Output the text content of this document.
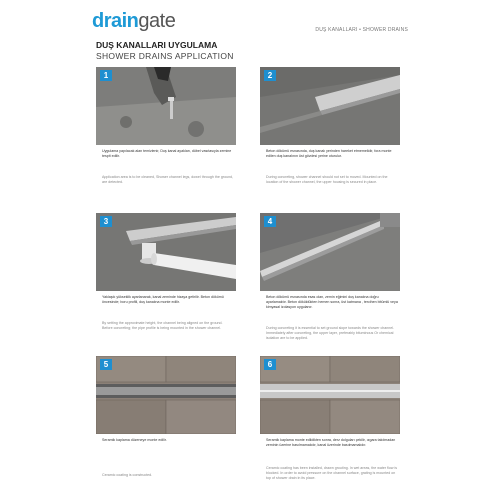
draingate	DUŞ KANALLARI • SHOWER DRAINS
DUŞ KANALLARI UYGULAMA
SHOWER DRAINS APPLICATION
1
Uygulama yapılacak alan temizlenir, Duş kanal ayakları, dübel vasıtasıyla zemine tespit edilir.
Application area is to be cleaned, Shower channel legs, dowel through the ground, are detected.
2
Beton dökümü esnasında, duş kanalı yerinden hareket etmemelidir, fora monte edilen duş kanalının üst gövdesi yerine oturulur.
During concreting, shower channel should not set to moved. Mounted on the location of the shower channel, the upper housing is secured in place.
3
Yaklaşık yükseklik ayarlanarak, kanal zeminde hizaya getirilir. Beton dökümü öncesinde; boru profili, duş kanalına monte edilir.
By setting the approximate height, the channel being aligned on the ground. Before concreting; the pipe profile is being mounted in the shower channel.
4
Beton dökümü esnasında esas olan, zemin eğimini duş kanalına doğru ayarlamaktır. Beton döküldükten hemen sonra, üst katmana , tercihen bitümlü veya kimyasal izolasyon uygulanır.
During concreting it is essential to set ground slope towards the shower channel. Immediately after concreting, the upper layer, preferably bituminous Or chemical isolation are to be applied.
5
Seramik kaplama düzeneye monte edilir.
Ceramic coating is constructed.
6
Seramik kaplama monte edildikten sonra, derz dolguları çekilir, ızgara takılmadan zeminin üzerine basılmamalıdır, kanal üzerinde basılmamalıdır.
Ceramic coating has been installed, drawn grouting. In wet areas, the water flow is blocked. In order to avoid pressure on the channel surface, grating is mounted on top of shower drain in its place.
